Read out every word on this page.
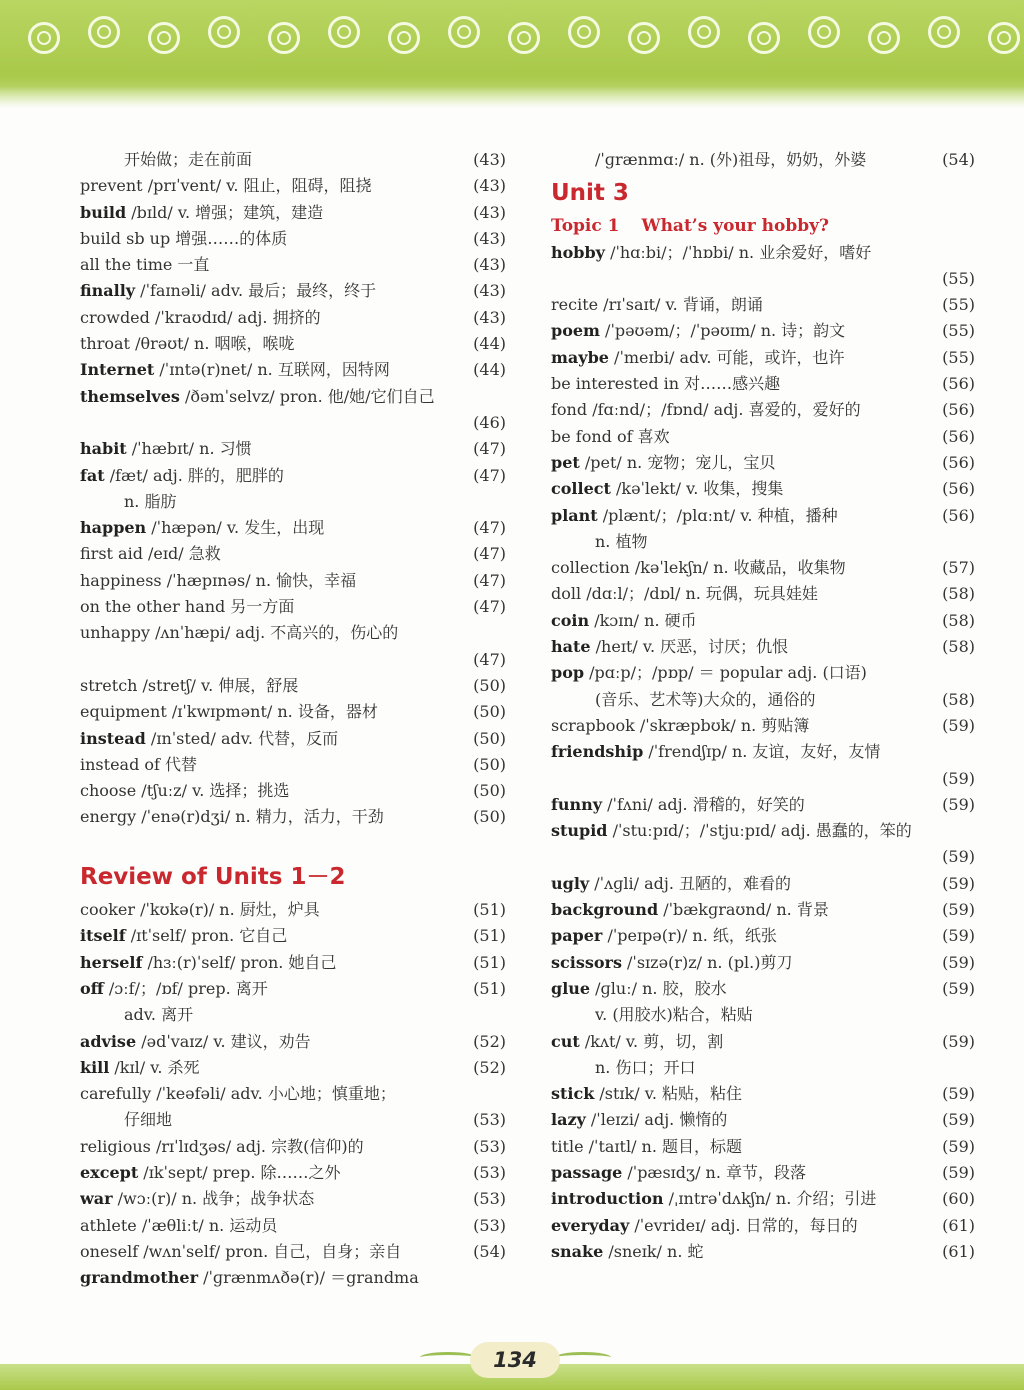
开始做；走在前面	(43)
prevent /prɪˈvent/ v. 阻止，阻碍，阻挠	(43)
build /bɪld/ v. 增强；建筑，建造	(43)
build sb up 增强……的体质	(43)
all the time 一直	(43)
finally /ˈfaɪnəli/ adv. 最后；最终，终于	(43)
crowded /ˈkraʊdɪd/ adj. 拥挤的	(43)
throat /θrəʊt/ n. 咽喉，喉咙	(44)
Internet /ˈɪntə(r)net/ n. 互联网，因特网	(44)
themselves /ðəmˈselvz/ pron. 他/她/它们自己
(46)
habit /ˈhæbɪt/ n. 习惯	(47)
fat /fæt/ adj. 胖的，肥胖的	(47)
n. 脂肪
happen /ˈhæpən/ v. 发生，出现	(47)
first aid /eɪd/ 急救	(47)
happiness /ˈhæpɪnəs/ n. 愉快，幸福	(47)
on the other hand 另一方面	(47)
unhappy /ʌnˈhæpi/ adj. 不高兴的，伤心的
(47)
stretch /stretʃ/ v. 伸展，舒展	(50)
equipment /ɪˈkwɪpmənt/ n. 设备，器材	(50)
instead /ɪnˈsted/ adv. 代替，反而	(50)
instead of 代替	(50)
choose /tʃuːz/ v. 选择；挑选	(50)
energy /ˈenə(r)dʒi/ n. 精力，活力，干劲	(50)
Review of Units 1－2
cooker /ˈkʊkə(r)/ n. 厨灶，炉具	(51)
itself /ɪtˈself/ pron. 它自己	(51)
herself /hɜː(r)ˈself/ pron. 她自己	(51)
off /ɔːf/；/ɒf/ prep. 离开	(51)
adv. 离开
advise /ədˈvaɪz/ v. 建议，劝告	(52)
kill /kɪl/ v. 杀死	(52)
carefully /ˈkeəfəli/ adv. 小心地；慎重地；
仔细地	(53)
religious /rɪˈlɪdʒəs/ adj. 宗教(信仰)的	(53)
except /ɪkˈsept/ prep. 除……之外	(53)
war /wɔː(r)/ n. 战争；战争状态	(53)
athlete /ˈæθliːt/ n. 运动员	(53)
oneself /wʌnˈself/ pron. 自己，自身；亲自	(54)
grandmother /ˈɡrænmʌðə(r)/ ＝grandma
/ˈɡrænmɑː/ n. (外)祖母，奶奶，外婆	(54)
Unit 3
Topic 1 What’s your hobby?
hobby /ˈhɑːbi/；/ˈhɒbi/ n. 业余爱好，嗜好
(55)
recite /rɪˈsaɪt/ v. 背诵，朗诵	(55)
poem /ˈpəʊəm/；/ˈpəʊɪm/ n. 诗；韵文	(55)
maybe /ˈmeɪbi/ adv. 可能，或许，也许	(55)
be interested in 对……感兴趣	(56)
fond /fɑːnd/；/fɒnd/ adj. 喜爱的，爱好的	(56)
be fond of 喜欢	(56)
pet /pet/ n. 宠物；宠儿，宝贝	(56)
collect /kəˈlekt/ v. 收集，搜集	(56)
plant /plænt/；/plɑːnt/ v. 种植，播种	(56)
n. 植物
collection /kəˈlekʃn/ n. 收藏品，收集物	(57)
doll /dɑːl/；/dɒl/ n. 玩偶，玩具娃娃	(58)
coin /kɔɪn/ n. 硬币	(58)
hate /heɪt/ v. 厌恶，讨厌；仇恨	(58)
pop /pɑːp/；/pɒp/ ＝ popular adj. (口语)
(音乐、艺术等)大众的，通俗的	(58)
scrapbook /ˈskræpbʊk/ n. 剪贴簿	(59)
friendship /ˈfrendʃɪp/ n. 友谊，友好，友情
(59)
funny /ˈfʌni/ adj. 滑稽的，好笑的	(59)
stupid /ˈstuːpɪd/；/ˈstjuːpɪd/ adj. 愚蠢的，笨的
(59)
ugly /ˈʌɡli/ adj. 丑陋的，难看的	(59)
background /ˈbækɡraʊnd/ n. 背景	(59)
paper /ˈpeɪpə(r)/ n. 纸，纸张	(59)
scissors /ˈsɪzə(r)z/ n. (pl.)剪刀	(59)
glue /ɡluː/ n. 胶，胶水	(59)
v. (用胶水)粘合，粘贴
cut /kʌt/ v. 剪，切，割	(59)
n. 伤口；开口
stick /stɪk/ v. 粘贴，粘住	(59)
lazy /ˈleɪzi/ adj. 懒惰的	(59)
title /ˈtaɪtl/ n. 题目，标题	(59)
passage /ˈpæsɪdʒ/ n. 章节，段落	(59)
introduction /ˌɪntrəˈdʌkʃn/ n. 介绍；引进	(60)
everyday /ˈevrideɪ/ adj. 日常的，每日的	(61)
snake /sneɪk/ n. 蛇	(61)
134
